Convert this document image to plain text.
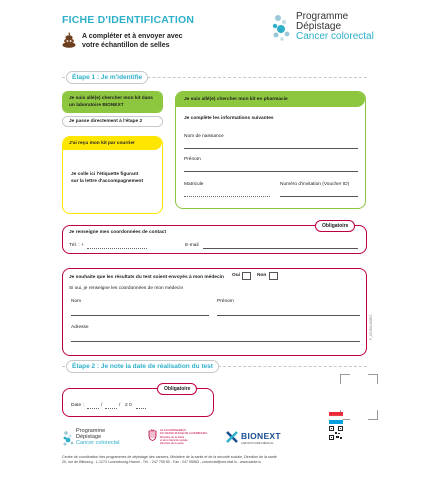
FICHE D'IDENTIFICATION
A compléter et à envoyer avec
votre échantillon de selles
Programme
Dépistage
Cancer colorectal
Étape 1 : Je m'identifie
Je suis allé(e) chercher mon kit dans un laboratoire BIONEXT
Je passe directement à l'étape 2
J'ai reçu mon kit par courrier
Je colle ici l'étiquette figurant
sur la lettre d'accompagnement
Je suis allé(e) chercher mon kit en pharmacie
Je complète les informations suivantes
Nom de naissance
Prénom
Matricule	Numéro d'invitation (Voucher ID)
Je renseigne mes coordonnées de contact
Tél. : +	E-mail
Obligatoire
Je souhaite que les résultats du test soient envoyés à mon médecin
Si oui, je renseigne les coordonnées de mon médecin
Nom	Prénom
Adresse
Oui	Non
F_CDIMLLBOE2
Étape 2 : Je note la date de réalisation du test
Date :	/	/ 2 0
Obligatoire
Programme
Dépistage
Cancer colorectal
LE GOUVERNEMENT
DU GRAND-DUCHÉ DE LUXEMBOURG
Ministère de la Santé
et de la Sécurité sociale
Direction de la santé
BIONEXT
LABORATOIRE MÉDICAL
Centre de coordination des programmes de dépistage des cancers, Ministère de la santé et de la sécurité sociale, Direction de la santé
20, rue de Bitbourg - L-1273 Luxembourg-Hamm - Tél. : 247 755 50 - Fax : 247 95563 - colorectal@ms.etat.lu - www.sante.lu
